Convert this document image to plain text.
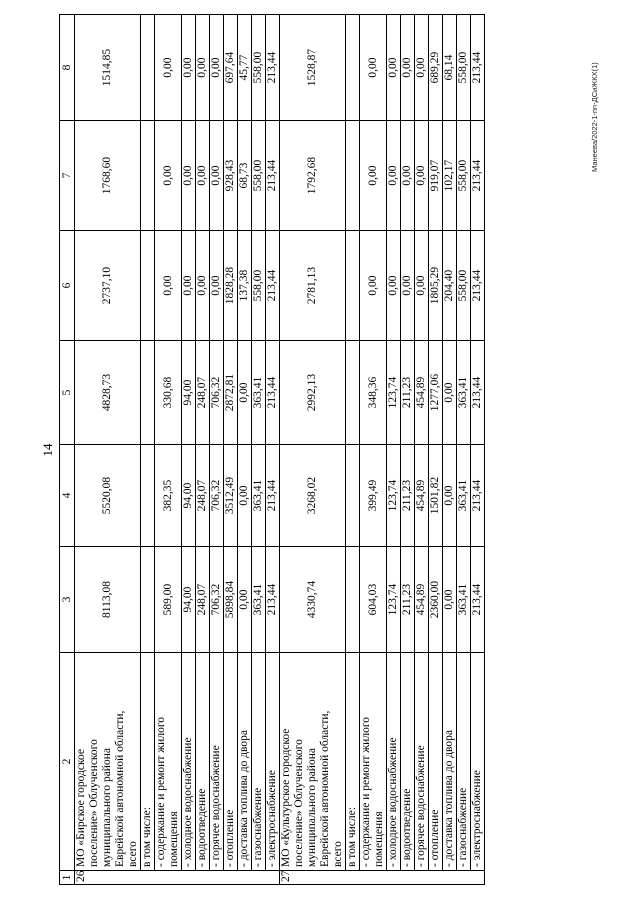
14
1	2	3	4	5	6	7	8
26	МО «Бирское городское поселение» Облученского муниципального района Еврейской автономной области, всего	8113,08	5520,08	4828,73	2737,10	1768,60	1514,85
	в том числе:						

	- содержание и ремонт жилого помещения	589,00	382,35	330,68	0,00	0,00	0,00

	- холодное водоснабжение	94,00	94,00	94,00	0,00	0,00	0,00

	- водоотведение	248,07	248,07	248,07	0,00	0,00	0,00

	- горячее водоснабжение	706,32	706,32	706,32	0,00	0,00	0,00

	- отопление	5898,84	3512,49	2872,81	1828,28	928,43	697,64

	- доставка топлива до двора	0,00	0,00	0,00	137,38	68,73	45,77

	- газоснабжение	363,41	363,41	363,41	558,00	558,00	558,00

	- электроснабжение	213,44	213,44	213,44	213,44	213,44	213,44
27	МО «Культурское городское поселение» Облученского муниципального района Еврейской автономной области, всего	4330,74	3268,02	2992,13	2781,13	1792,68	1528,87
	в том числе:						

	- содержание и ремонт жилого помещения	604,03	399,49	348,36	0,00	0,00	0,00

	- холодное водоснабжение	123,74	123,74	123,74	0,00	0,00	0,00

	- водоотведение	211,23	211,23	211,23	0,00	0,00	0,00

	- горячее водоснабжение	454,89	454,89	454,89	0,00	0,00	0,00

	- отопление	2360,00	1501,82	1277,06	1805,29	919,07	689,29

	- доставка топлива до двора	0,00	0,00	0,00	204,40	102,17	68,14

	- газоснабжение	363,41	363,41	363,41	558,00	558,00	558,00

	- электроснабжение	213,44	213,44	213,44	213,44	213,44	213,44	Манеева/2022-1-пп-ДСиЖКХ(1)
